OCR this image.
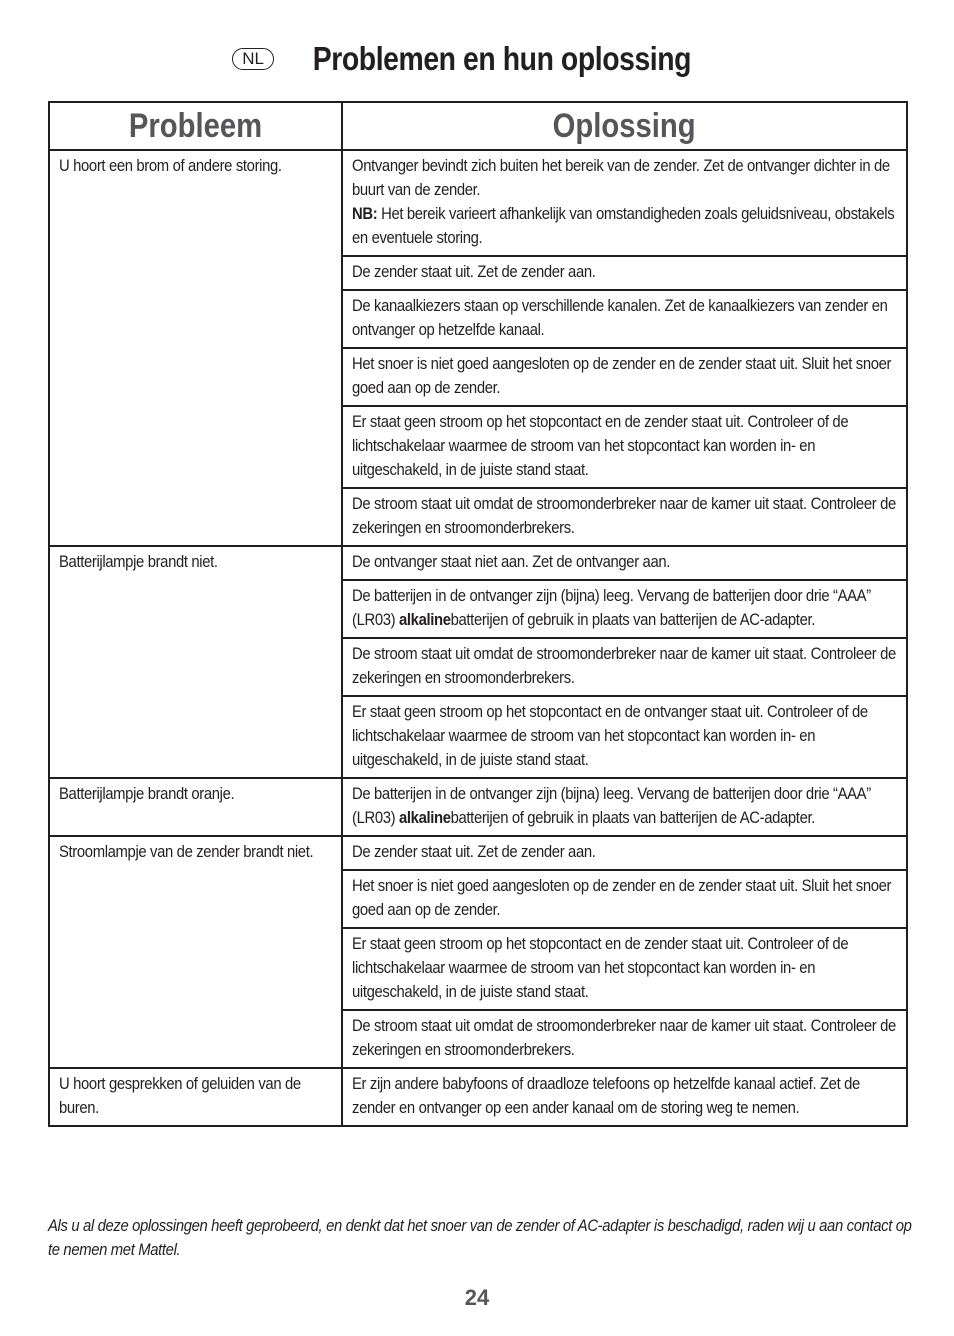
NL	Problemen en hun oplossing
Probleem	Oplossing

U hoort een brom of andere storing.	Ontvanger bevindt zich buiten het bereik van de zender. Zet de ontvanger dichter in de buurt van de zender.
NB: Het bereik varieert afhankelijk van omstandigheden zoals geluidsniveau, obstakels en eventuele storing.

	De zender staat uit. Zet de zender aan.

	De kanaalkiezers staan op verschillende kanalen. Zet de kanaalkiezers van zender en ontvanger op hetzelfde kanaal.

	Het snoer is niet goed aangesloten op de zender en de zender staat uit. Sluit het snoer goed aan op de zender.

	Er staat geen stroom op het stopcontact en de zender staat uit. Controleer of de lichtschakelaar waarmee de stroom van het stopcontact kan worden in- en uitgeschakeld, in de juiste stand staat.

	De stroom staat uit omdat de stroomonderbreker naar de kamer uit staat. Controleer de zekeringen en stroomonderbrekers.

Batterijlampje brandt niet.	De ontvanger staat niet aan. Zet de ontvanger aan.

	De batterijen in de ontvanger zijn (bijna) leeg. Vervang de batterijen door drie “AAA” (LR03) alkalinebatterijen of gebruik in plaats van batterijen de AC-adapter.

	De stroom staat uit omdat de stroomonderbreker naar de kamer uit staat. Controleer de zekeringen en stroomonderbrekers.

	Er staat geen stroom op het stopcontact en de ontvanger staat uit. Controleer of de lichtschakelaar waarmee de stroom van het stopcontact kan worden in- en uitgeschakeld, in de juiste stand staat.

Batterijlampje brandt oranje.	De batterijen in de ontvanger zijn (bijna) leeg. Vervang de batterijen door drie “AAA” (LR03) alkalinebatterijen of gebruik in plaats van batterijen de AC-adapter.

Stroomlampje van de zender brandt niet.	De zender staat uit. Zet de zender aan.

	Het snoer is niet goed aangesloten op de zender en de zender staat uit. Sluit het snoer goed aan op de zender.

	Er staat geen stroom op het stopcontact en de zender staat uit. Controleer of de lichtschakelaar waarmee de stroom van het stopcontact kan worden in- en uitgeschakeld, in de juiste stand staat.

	De stroom staat uit omdat de stroomonderbreker naar de kamer uit staat. Controleer de zekeringen en stroomonderbrekers.

U hoort gesprekken of geluiden van de buren.	Er zijn andere babyfoons of draadloze telefoons op hetzelfde kanaal actief. Zet de zender en ontvanger op een ander kanaal om de storing weg te nemen.
Als u al deze oplossingen heeft geprobeerd, en denkt dat het snoer van de zender of AC-adapter is beschadigd, raden wij u aan contact op te nemen met Mattel.
24
